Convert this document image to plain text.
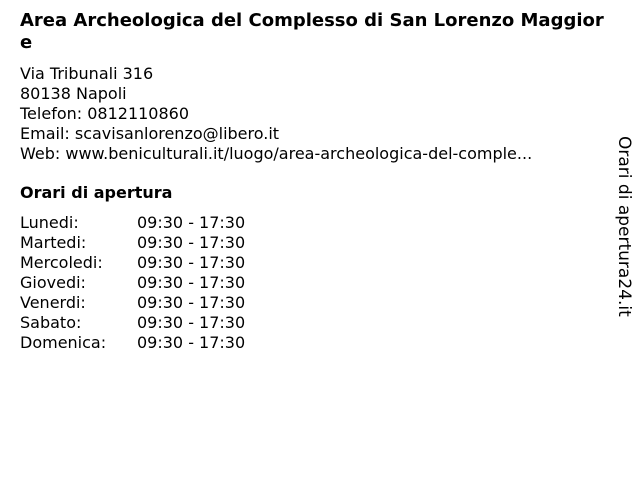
Area Archeologica del Complesso di San Lorenzo Maggiore
Via Tribunali 316
80138 Napoli
Telefon: 0812110860
Email: scavisanlorenzo@libero.it
Web: www.beniculturali.it/luogo/area-archeologica-del-comple...
Orari di apertura
Lunedi:	09:30 - 17:30
Martedi:	09:30 - 17:30
Mercoledi:	09:30 - 17:30
Giovedi:	09:30 - 17:30
Venerdi:	09:30 - 17:30
Sabato:	09:30 - 17:30
Domenica:	09:30 - 17:30
Orari di apertura24.it
